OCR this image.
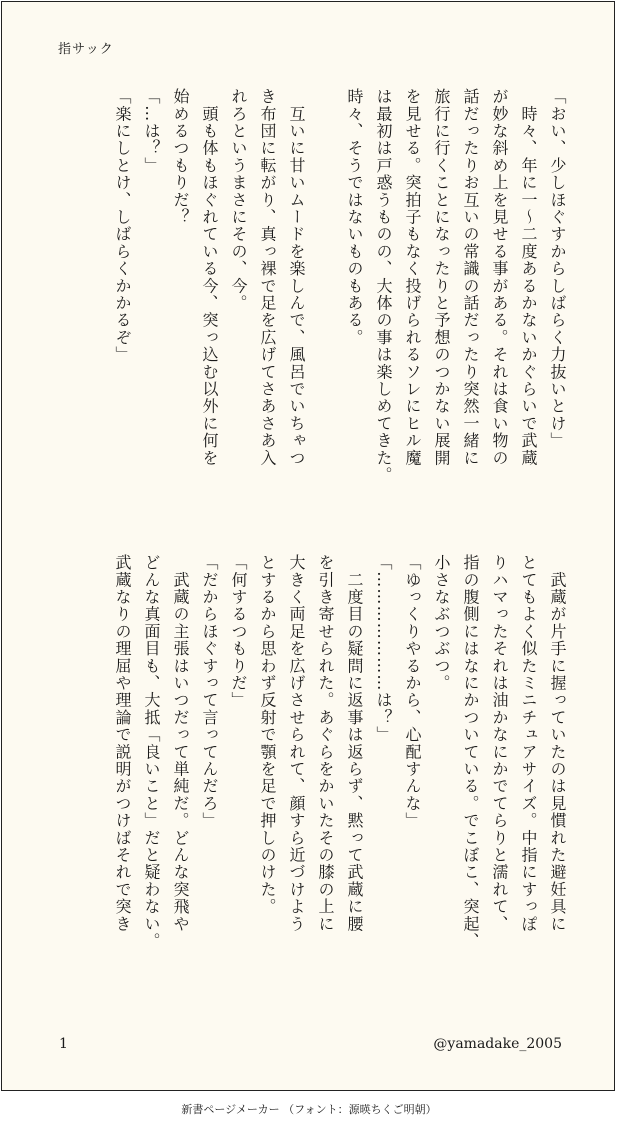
指サック
「おい、少しほぐすからしばらく力抜いとけ」
　時々、年に一～二度あるかないかぐらいで武蔵
が妙な斜め上を見せる事がある。それは食い物の
話だったりお互いの常識の話だったり突然一緒に
旅行に行くことになったりと予想のつかない展開
を見せる。突拍子もなく投げられるソレにヒル魔
は最初は戸惑うものの、大体の事は楽しめてきた。
時々、そうではないものもある。

　互いに甘いムードを楽しんで、風呂でいちゃつ
き布団に転がり、真っ裸で足を広げてさあさあ入
れろというまさにその、今。
　頭も体もほぐれている今、突っ込む以外に何を
始めるつもりだ？
「…は？」
「楽にしとけ、しばらくかかるぞ」
　武蔵が片手に握っていたのは見慣れた避妊具に
とてもよく似たミニチュアサイズ。中指にすっぽ
りハマったそれは油かなにかでてらりと濡れて、
指の腹側にはなにかついている。でこぼこ、突起、
小さなぶつぶつ。
「ゆっくりやるから、心配すんな」
「…………………は？」
　二度目の疑問に返事は返らず、黙って武蔵に腰
を引き寄せられた。あぐらをかいたその膝の上に
大きく両足を広げさせられて、顔すら近づけよう
とするから思わず反射で顎を足で押しのけた。
「何するつもりだ」
「だからほぐすって言ってんだろ」
　武蔵の主張はいつだって単純だ。どんな突飛や
どんな真面目も、大抵「良いこと」だと疑わない。
武蔵なりの理屈や理論で説明がつけばそれで突き
1	@yamadake_2005
新書ページメーカー （フォント：源暎ちくご明朝）
